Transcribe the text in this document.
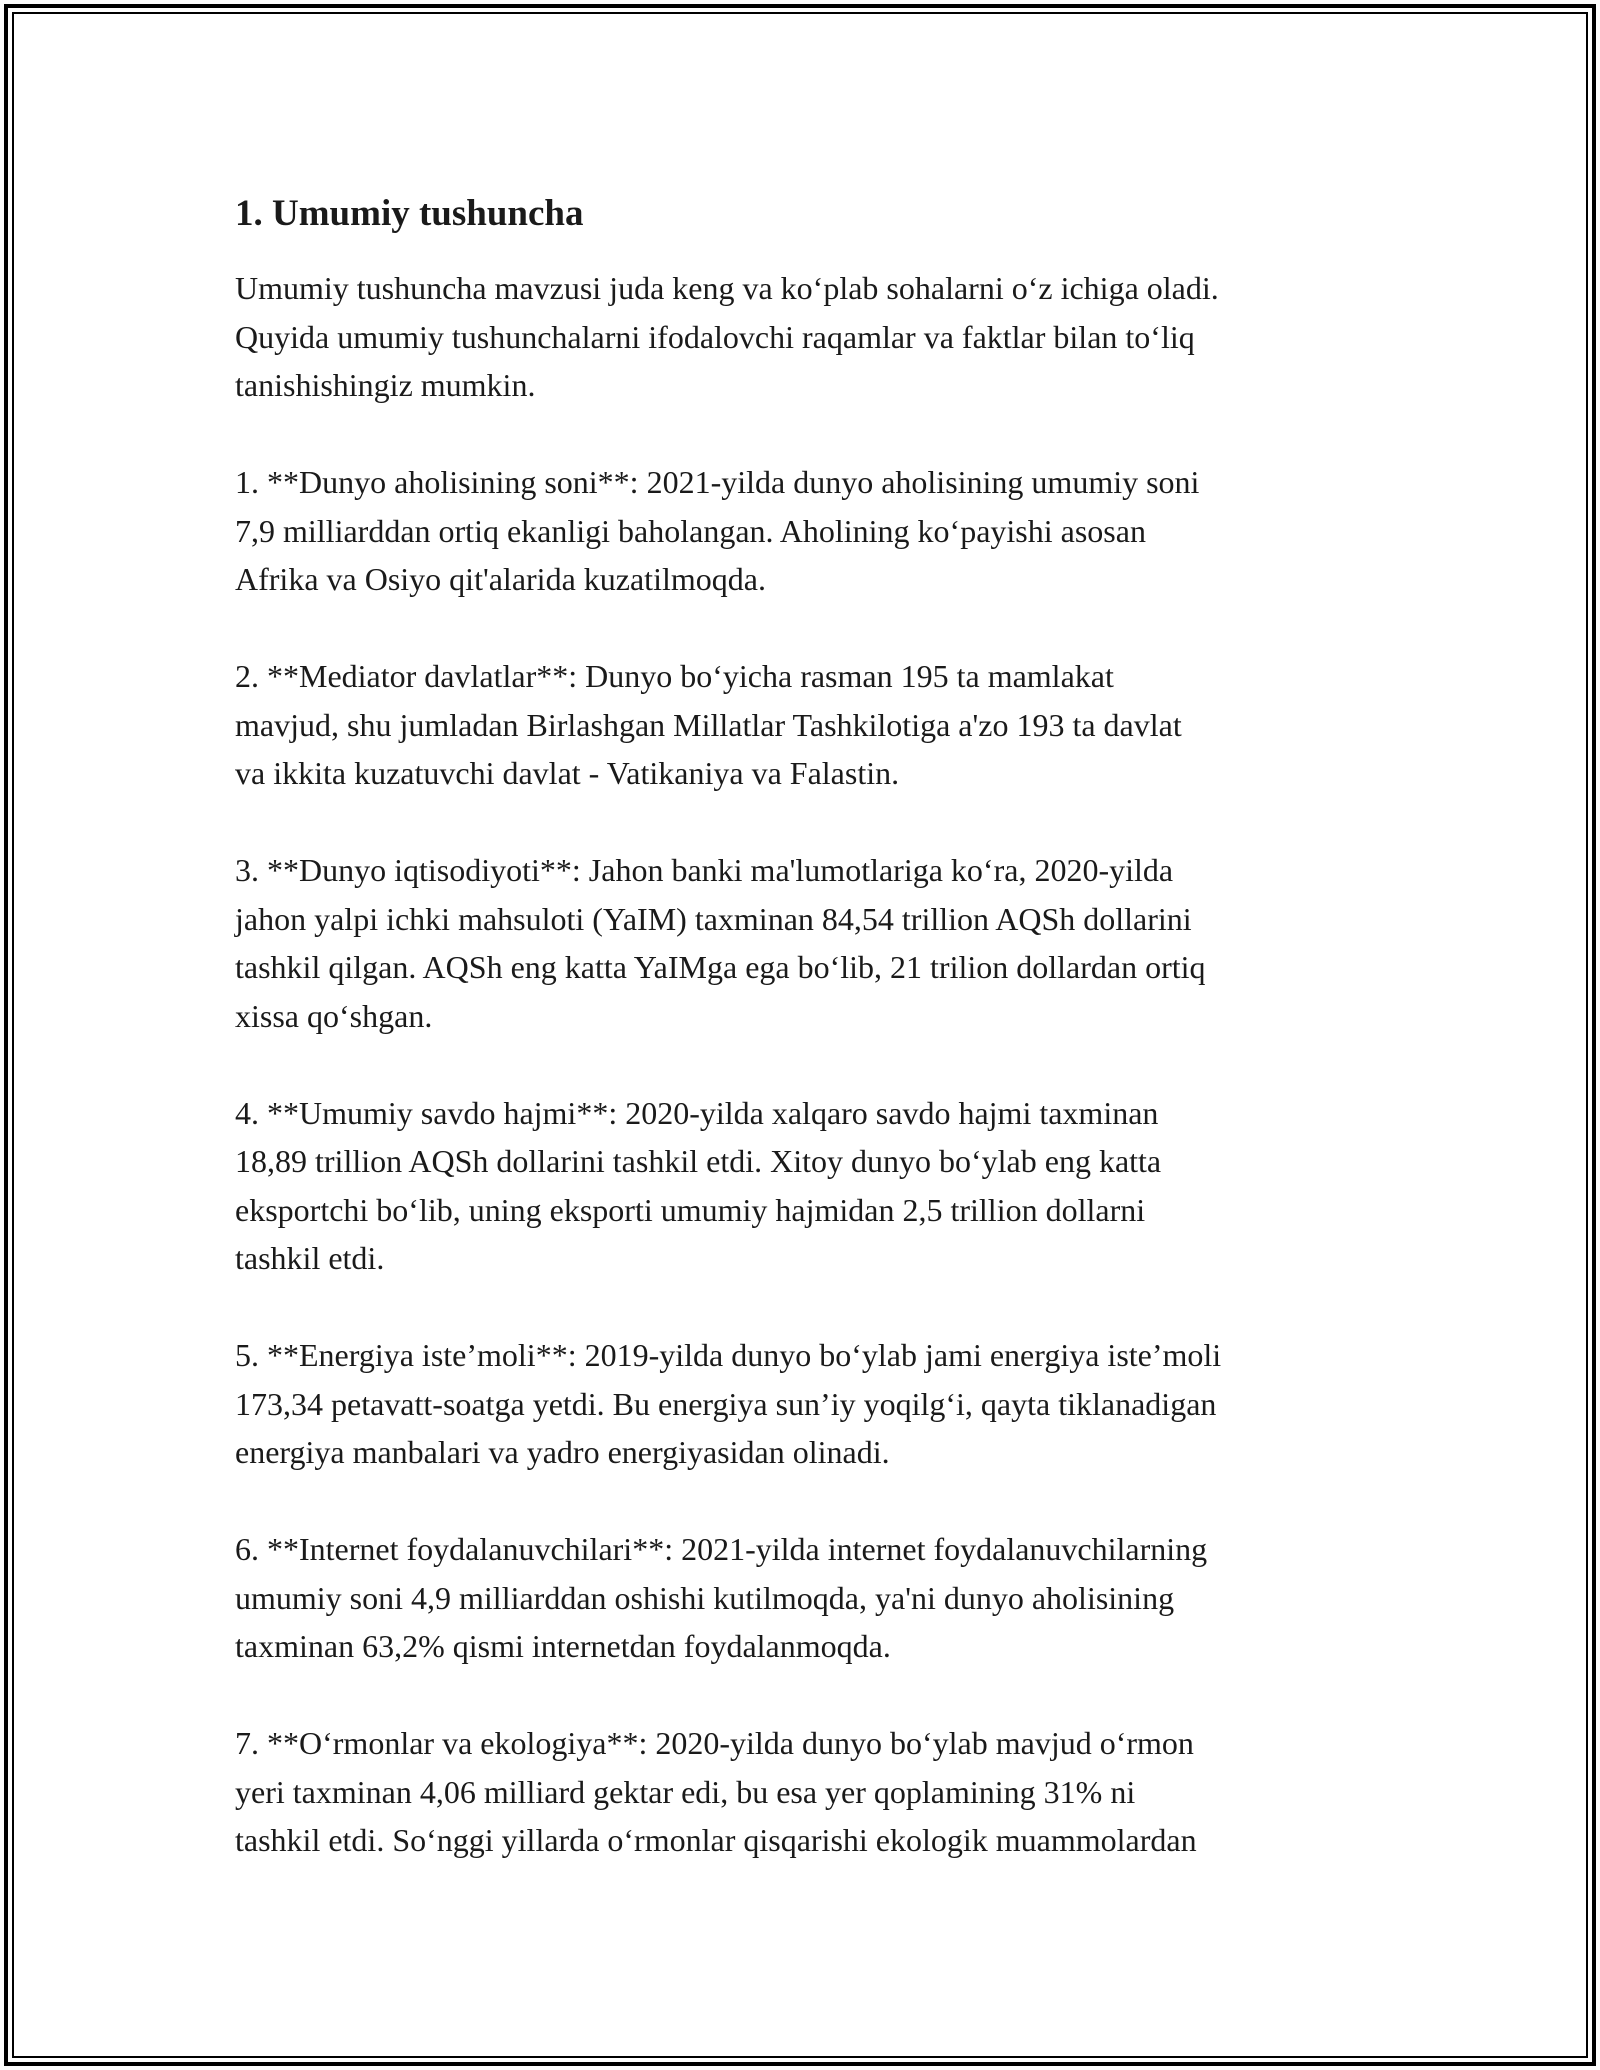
1. Umumiy tushuncha

Umumiy tushuncha mavzusi juda keng va ko‘plab sohalarni o‘z ichiga oladi.
Quyida umumiy tushunchalarni ifodalovchi raqamlar va faktlar bilan to‘liq
tanishishingiz mumkin.

1. **Dunyo aholisining soni**: 2021-yilda dunyo aholisining umumiy soni
7,9 milliarddan ortiq ekanligi baholangan. Aholining ko‘payishi asosan
Afrika va Osiyo qit'alarida kuzatilmoqda.

2. **Mediator davlatlar**: Dunyo bo‘yicha rasman 195 ta mamlakat
mavjud, shu jumladan Birlashgan Millatlar Tashkilotiga a'zo 193 ta davlat
va ikkita kuzatuvchi davlat - Vatikaniya va Falastin.

3. **Dunyo iqtisodiyoti**: Jahon banki ma'lumotlariga ko‘ra, 2020-yilda
jahon yalpi ichki mahsuloti (YaIM) taxminan 84,54 trillion AQSh dollarini
tashkil qilgan. AQSh eng katta YaIMga ega bo‘lib, 21 trilion dollardan ortiq
xissa qo‘shgan.

4. **Umumiy savdo hajmi**: 2020-yilda xalqaro savdo hajmi taxminan
18,89 trillion AQSh dollarini tashkil etdi. Xitoy dunyo bo‘ylab eng katta
eksportchi bo‘lib, uning eksporti umumiy hajmidan 2,5 trillion dollarni
tashkil etdi.

5. **Energiya iste’moli**: 2019-yilda dunyo bo‘ylab jami energiya iste’moli
173,34 petavatt-soatga yetdi. Bu energiya sun’iy yoqilg‘i, qayta tiklanadigan
energiya manbalari va yadro energiyasidan olinadi.

6. **Internet foydalanuvchilari**: 2021-yilda internet foydalanuvchilarning
umumiy soni 4,9 milliarddan oshishi kutilmoqda, ya'ni dunyo aholisining
taxminan 63,2% qismi internetdan foydalanmoqda.

7. **O‘rmonlar va ekologiya**: 2020-yilda dunyo bo‘ylab mavjud o‘rmon
yeri taxminan 4,06 milliard gektar edi, bu esa yer qoplamining 31% ni
tashkil etdi. So‘nggi yillarda o‘rmonlar qisqarishi ekologik muammolardan
